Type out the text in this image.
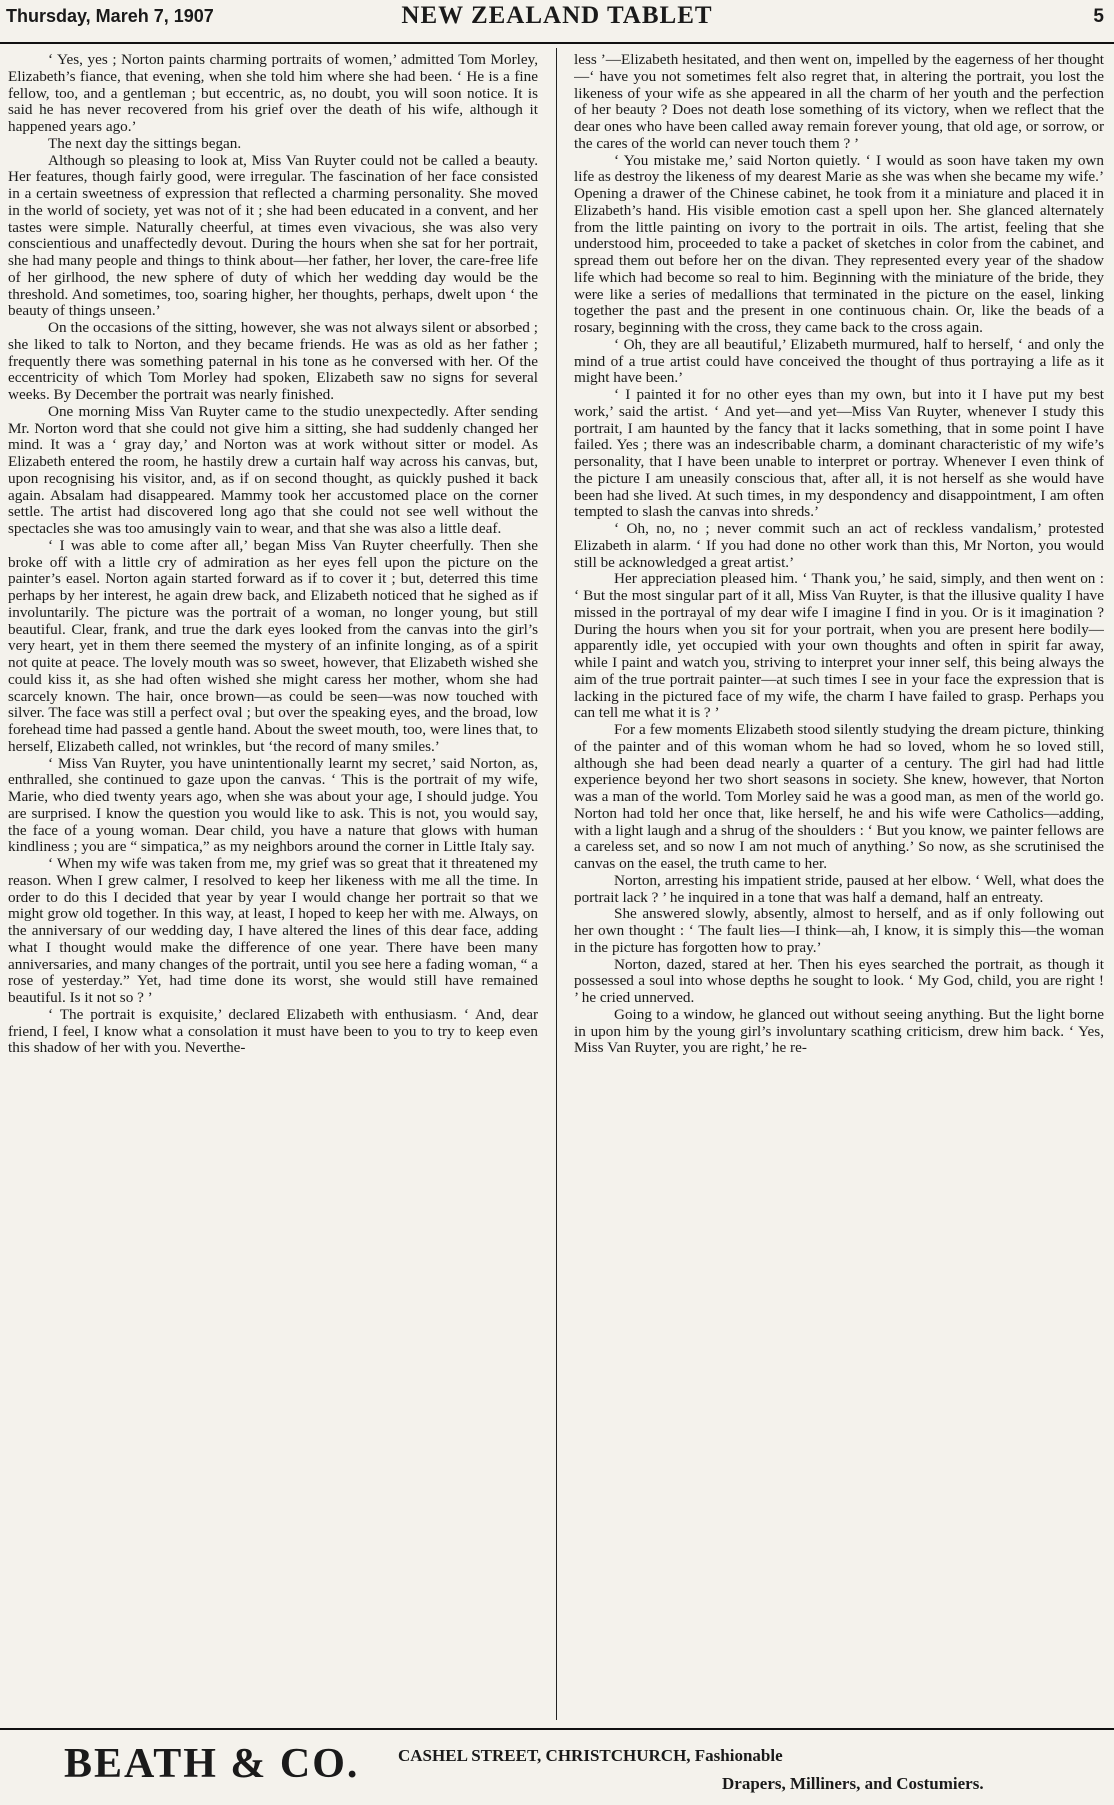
Thursday, Mareh 7, 1907	NEW ZEALAND TABLET	5

‘ Yes, yes ; Norton paints charming portraits of women,’ admitted Tom Morley, Elizabeth’s fiance, that evening, when she told him where she had been. ‘ He is a fine fellow, too, and a gentleman ; but eccentric, as, no doubt, you will soon notice. It is said he has never recovered from his grief over the death of his wife, although it happened years ago.’

The next day the sittings began.

Although so pleasing to look at, Miss Van Ruyter could not be called a beauty. Her features, though fairly good, were irregular. The fascination of her face consisted in a certain sweetness of expression that reflected a charming personality. She moved in the world of society, yet was not of it ; she had been educated in a convent, and her tastes were simple. Naturally cheerful, at times even vivacious, she was also very conscientious and unaffectedly devout. During the hours when she sat for her portrait, she had many people and things to think about—her father, her lover, the care-free life of her girlhood, the new sphere of duty of which her wedding day would be the threshold. And sometimes, too, soaring higher, her thoughts, perhaps, dwelt upon ‘ the beauty of things unseen.’

On the occasions of the sitting, however, she was not always silent or absorbed ; she liked to talk to Norton, and they became friends. He was as old as her father ; frequently there was something paternal in his tone as he conversed with her. Of the eccentricity of which Tom Morley had spoken, Elizabeth saw no signs for several weeks. By December the portrait was nearly finished.

One morning Miss Van Ruyter came to the studio unexpectedly. After sending Mr. Norton word that she could not give him a sitting, she had suddenly changed her mind. It was a ‘ gray day,’ and Norton was at work without sitter or model. As Elizabeth entered the room, he hastily drew a curtain half way across his canvas, but, upon recognising his visitor, and, as if on second thought, as quickly pushed it back again. Absalam had disappeared. Mammy took her accustomed place on the corner settle. The artist had discovered long ago that she could not see well without the spectacles she was too amusingly vain to wear, and that she was also a little deaf.

‘ I was able to come after all,’ began Miss Van Ruyter cheerfully. Then she broke off with a little cry of admiration as her eyes fell upon the picture on the painter’s easel. Norton again started forward as if to cover it ; but, deterred this time perhaps by her interest, he again drew back, and Elizabeth noticed that he sighed as if involuntarily. The picture was the portrait of a woman, no longer young, but still beautiful. Clear, frank, and true the dark eyes looked from the canvas into the girl’s very heart, yet in them there seemed the mystery of an infinite longing, as of a spirit not quite at peace. The lovely mouth was so sweet, however, that Elizabeth wished she could kiss it, as she had often wished she might caress her mother, whom she had scarcely known. The hair, once brown—as could be seen—was now touched with silver. The face was still a perfect oval ; but over the speaking eyes, and the broad, low forehead time had passed a gentle hand. About the sweet mouth, too, were lines that, to herself, Elizabeth called, not wrinkles, but ‘the record of many smiles.’

‘ Miss Van Ruyter, you have unintentionally learnt my secret,’ said Norton, as, enthralled, she continued to gaze upon the canvas. ‘ This is the portrait of my wife, Marie, who died twenty years ago, when she was about your age, I should judge. You are surprised. I know the question you would like to ask. This is not, you would say, the face of a young woman. Dear child, you have a nature that glows with human kindliness ; you are “ simpatica,” as my neighbors around the corner in Little Italy say.

‘ When my wife was taken from me, my grief was so great that it threatened my reason. When I grew calmer, I resolved to keep her likeness with me all the time. In order to do this I decided that year by year I would change her portrait so that we might grow old together. In this way, at least, I hoped to keep her with me. Always, on the anniversary of our wedding day, I have altered the lines of this dear face, adding what I thought would make the difference of one year. There have been many anniversaries, and many changes of the portrait, until you see here a fading woman, “ a rose of yesterday.” Yet, had time done its worst, she would still have remained beautiful. Is it not so ? ’

‘ The portrait is exquisite,’ declared Elizabeth with enthusiasm. ‘ And, dear friend, I feel, I know what a consolation it must have been to you to try to keep even this shadow of her with you. Neverthe-

less ’—Elizabeth hesitated, and then went on, impelled by the eagerness of her thought—‘ have you not sometimes felt also regret that, in altering the portrait, you lost the likeness of your wife as she appeared in all the charm of her youth and the perfection of her beauty ? Does not death lose something of its victory, when we reflect that the dear ones who have been called away remain forever young, that old age, or sorrow, or the cares of the world can never touch them ? ’

‘ You mistake me,’ said Norton quietly. ‘ I would as soon have taken my own life as destroy the likeness of my dearest Marie as she was when she became my wife.’ Opening a drawer of the Chinese cabinet, he took from it a miniature and placed it in Elizabeth’s hand. His visible emotion cast a spell upon her. She glanced alternately from the little painting on ivory to the portrait in oils. The artist, feeling that she understood him, proceeded to take a packet of sketches in color from the cabinet, and spread them out before her on the divan. They represented every year of the shadow life which had become so real to him. Beginning with the miniature of the bride, they were like a series of medallions that terminated in the picture on the easel, linking together the past and the present in one continuous chain. Or, like the beads of a rosary, beginning with the cross, they came back to the cross again.

‘ Oh, they are all beautiful,’ Elizabeth murmured, half to herself, ‘ and only the mind of a true artist could have conceived the thought of thus portraying a life as it might have been.’

‘ I painted it for no other eyes than my own, but into it I have put my best work,’ said the artist. ‘ And yet—and yet—Miss Van Ruyter, whenever I study this portrait, I am haunted by the fancy that it lacks something, that in some point I have failed. Yes ; there was an indescribable charm, a dominant characteristic of my wife’s personality, that I have been unable to interpret or portray. Whenever I even think of the picture I am uneasily conscious that, after all, it is not herself as she would have been had she lived. At such times, in my despondency and disappointment, I am often tempted to slash the canvas into shreds.’

‘ Oh, no, no ; never commit such an act of reckless vandalism,’ protested Elizabeth in alarm. ‘ If you had done no other work than this, Mr Norton, you would still be acknowledged a great artist.’

Her appreciation pleased him. ‘ Thank you,’ he said, simply, and then went on : ‘ But the most singular part of it all, Miss Van Ruyter, is that the illusive quality I have missed in the portrayal of my dear wife I imagine I find in you. Or is it imagination ? During the hours when you sit for your portrait, when you are present here bodily—apparently idle, yet occupied with your own thoughts and often in spirit far away, while I paint and watch you, striving to interpret your inner self, this being always the aim of the true portrait painter—at such times I see in your face the expression that is lacking in the pictured face of my wife, the charm I have failed to grasp. Perhaps you can tell me what it is ? ’

For a few moments Elizabeth stood silently studying the dream picture, thinking of the painter and of this woman whom he had so loved, whom he so loved still, although she had been dead nearly a quarter of a century. The girl had had little experience beyond her two short seasons in society. She knew, however, that Norton was a man of the world. Tom Morley said he was a good man, as men of the world go. Norton had told her once that, like herself, he and his wife were Catholics—adding, with a light laugh and a shrug of the shoulders : ‘ But you know, we painter fellows are a careless set, and so now I am not much of anything.’ So now, as she scrutinised the canvas on the easel, the truth came to her.

Norton, arresting his impatient stride, paused at her elbow. ‘ Well, what does the portrait lack ? ’ he inquired in a tone that was half a demand, half an entreaty.

She answered slowly, absently, almost to herself, and as if only following out her own thought : ‘ The fault lies—I think—ah, I know, it is simply this—the woman in the picture has forgotten how to pray.’

Norton, dazed, stared at her. Then his eyes searched the portrait, as though it possessed a soul into whose depths he sought to look. ‘ My God, child, you are right ! ’ he cried unnerved.

Going to a window, he glanced out without seeing anything. But the light borne in upon him by the young girl’s involuntary scathing criticism, drew him back. ‘ Yes, Miss Van Ruyter, you are right,’ he re-

BEATH & CO. CASHEL STREET, CHRISTCHURCH, Fashionable
Drapers, Milliners, and Costumiers.
